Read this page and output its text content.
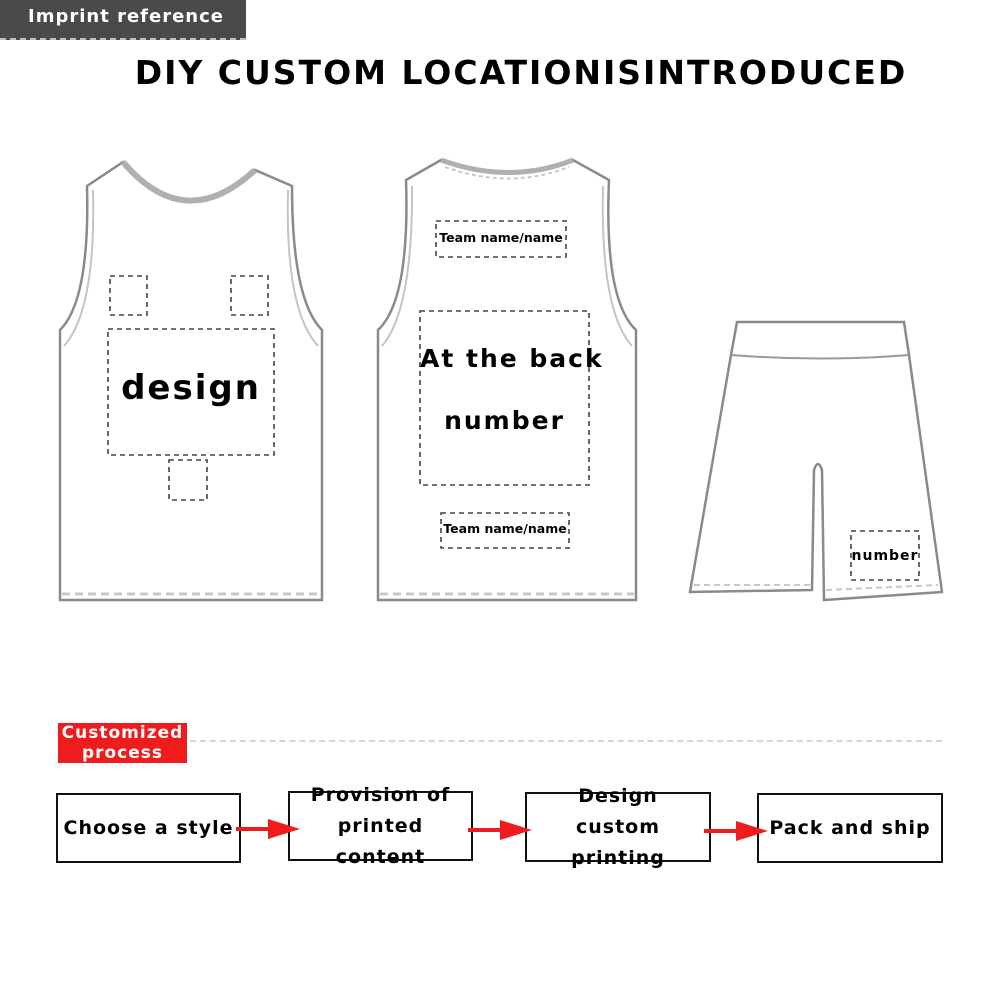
Imprint reference
DIY CUSTOM LOCATIONISINTRODUCED
design
Team name/name
At the back
number
Team name/name
number
Customized process
Choose a style
Provision of
printed content
Design
custom printing
Pack and ship
